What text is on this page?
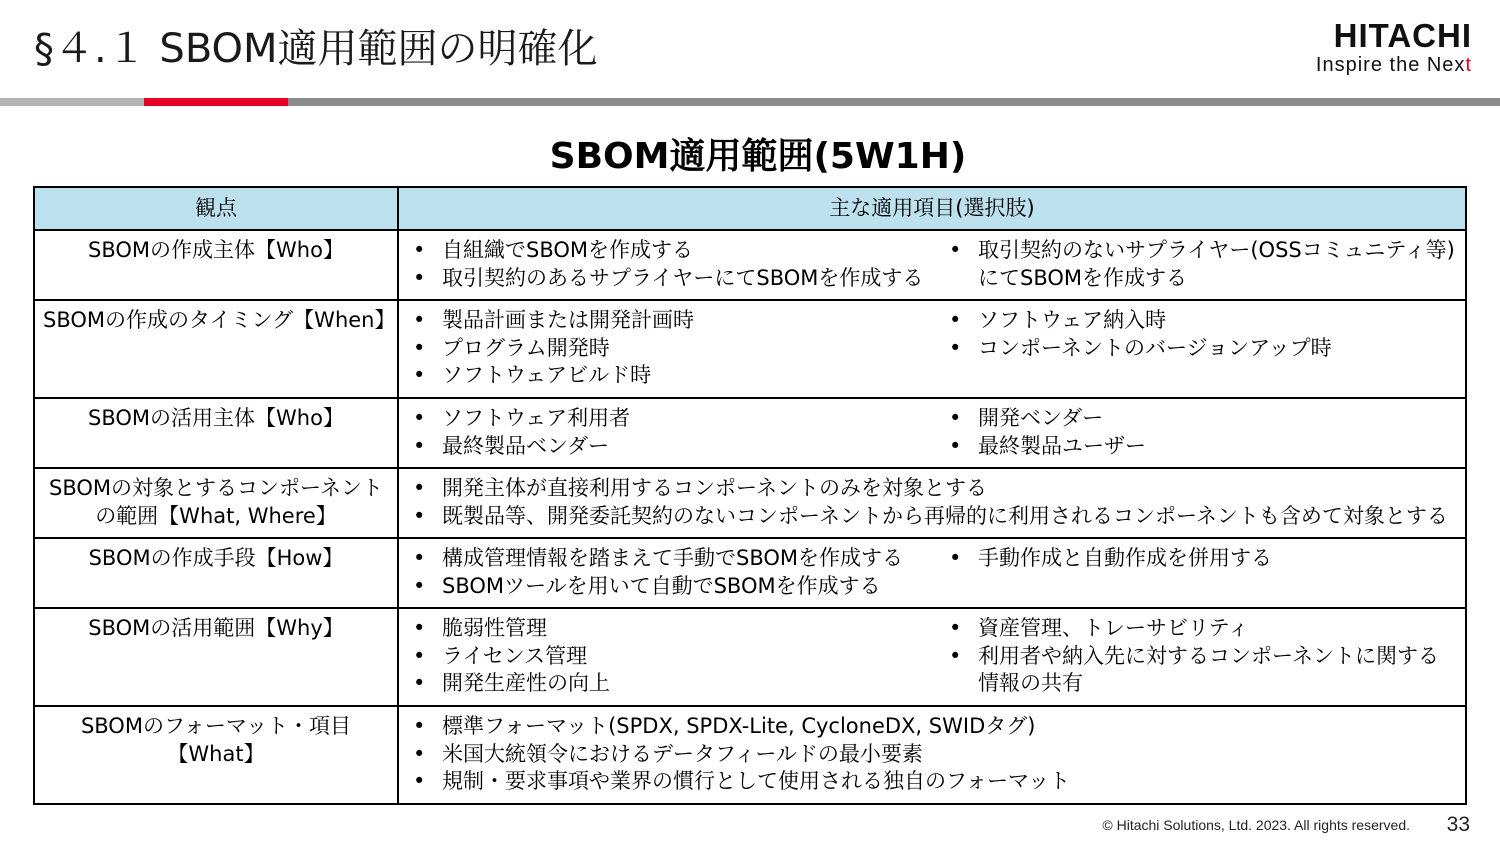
§４.１ SBOM適用範囲の明確化	HITACHI
Inspire the Next
SBOM適用範囲(5W1H)
観点	主な適用項目(選択肢)
SBOMの作成主体【Who】	• 自組織でSBOMを作成する
• 取引契約のあるサプライヤーにてSBOMを作成する
• 取引契約のないサプライヤー(OSSコミュニティ等)にてSBOMを作成する

SBOMの作成のタイミング【When】	• 製品計画または開発計画時
• プログラム開発時
• ソフトウェアビルド時
• ソフトウェア納入時
• コンポーネントのバージョンアップ時

SBOMの活用主体【Who】	• ソフトウェア利用者
• 最終製品ベンダー
• 開発ベンダー
• 最終製品ユーザー

SBOMの対象とするコンポーネントの範囲【What, Where】	• 開発主体が直接利用するコンポーネントのみを対象とする
• 既製品等、開発委託契約のないコンポーネントから再帰的に利用されるコンポーネントも含めて対象とする

SBOMの作成手段【How】	• 構成管理情報を踏まえて手動でSBOMを作成する
• SBOMツールを用いて自動でSBOMを作成する
• 手動作成と自動作成を併用する

SBOMの活用範囲【Why】	• 脆弱性管理
• ライセンス管理
• 開発生産性の向上
• 資産管理、トレーサビリティ
• 利用者や納入先に対するコンポーネントに関する情報の共有

SBOMのフォーマット・項目【What】	• 標準フォーマット(SPDX, SPDX-Lite, CycloneDX, SWIDタグ)
• 米国大統領令におけるデータフィールドの最小要素
• 規制・要求事項や業界の慣行として使用される独自のフォーマット
© Hitachi Solutions, Ltd. 2023. All rights reserved. 33
